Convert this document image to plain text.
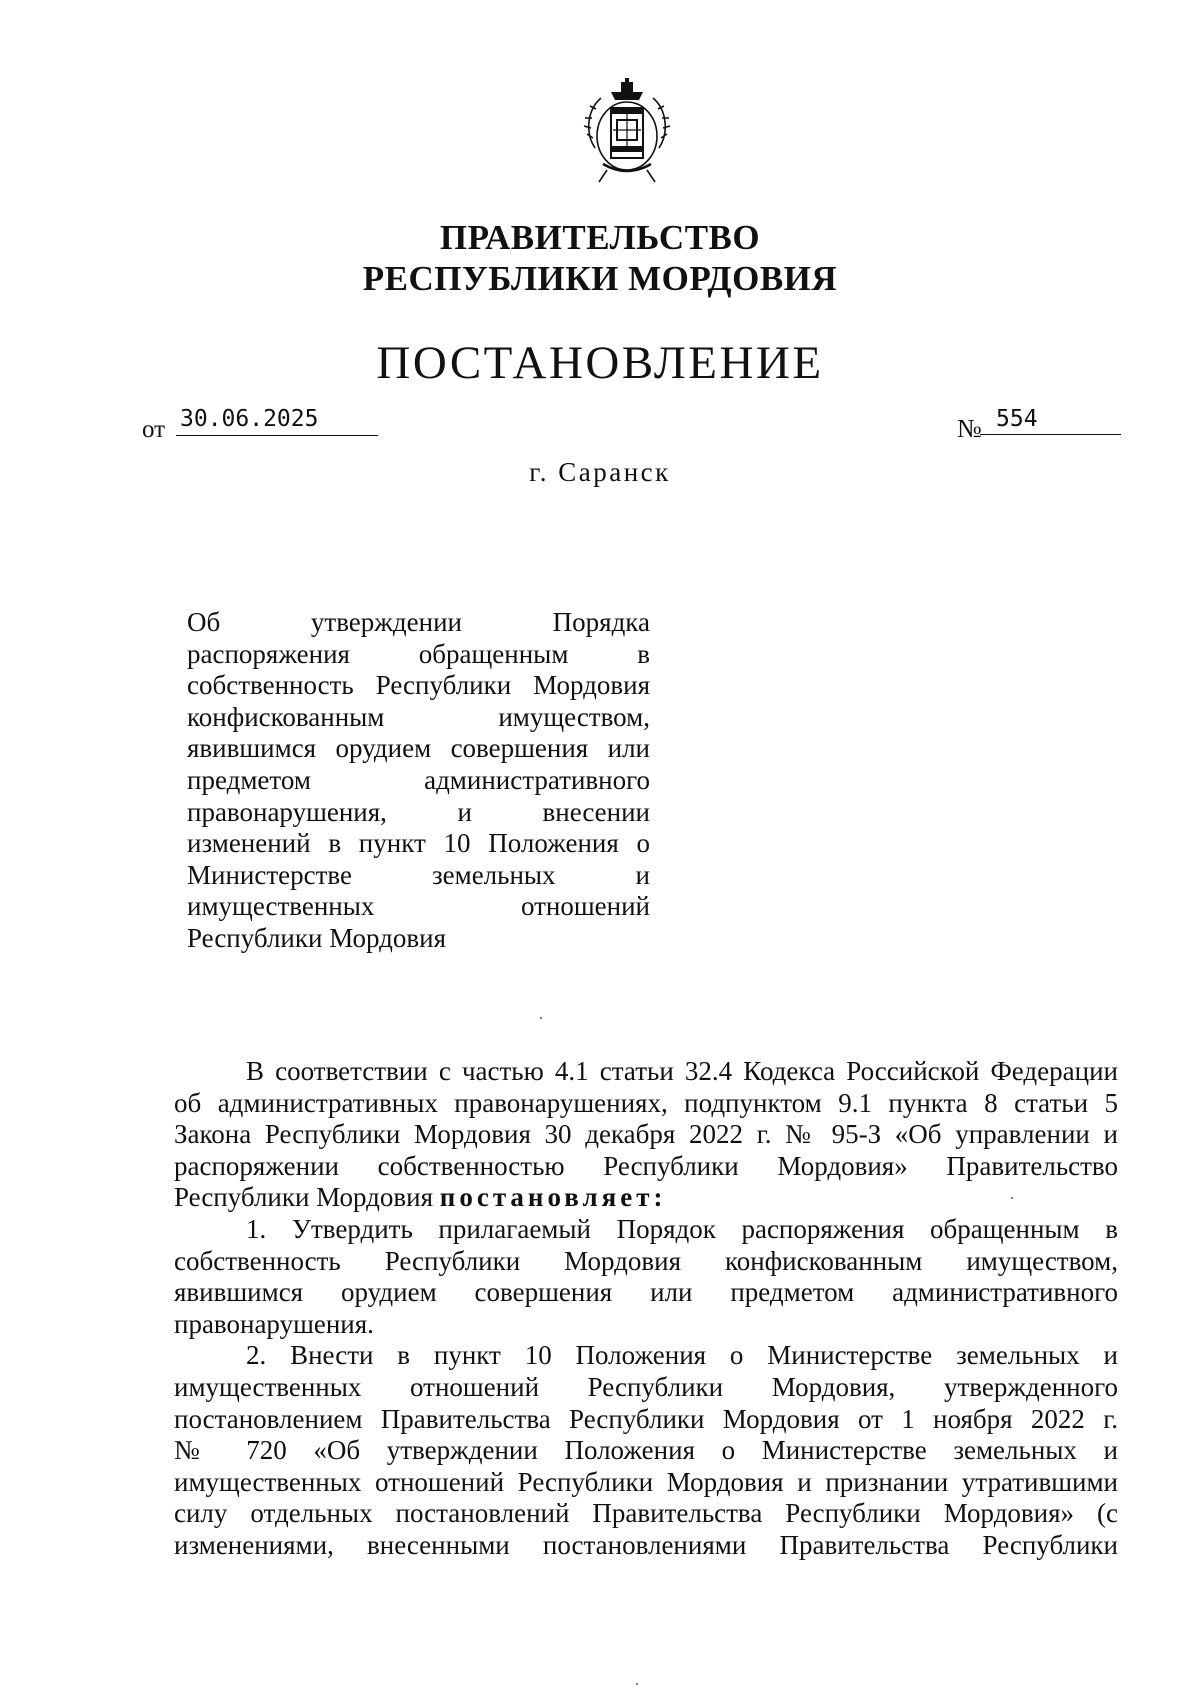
ПРАВИТЕЛЬСТВО
РЕСПУБЛИКИ МОРДОВИЯ
ПОСТАНОВЛЕНИЕ
от 30.06.2025	№ 554
г. Саранск
Об утверждении Порядка
распоряжения обращенным в
собственность Республики Мордовия
конфискованным имуществом,
явившимся орудием совершения или
предметом административного
правонарушения, и внесении
изменений в пункт 10 Положения о
Министерстве земельных и
имущественных отношений
Республики Мордовия
В соответствии с частью 4.1 статьи 32.4 Кодекса Российской Федерации
об административных правонарушениях, подпунктом 9.1 пункта 8 статьи 5
Закона Республики Мордовия 30 декабря 2022 г. № 95-З «Об управлении и
распоряжении собственностью Республики Мордовия» Правительство
Республики Мордовия постановляет:
1. Утвердить прилагаемый Порядок распоряжения обращенным в
собственность Республики Мордовия конфискованным имуществом,
явившимся орудием совершения или предметом административного
правонарушения.
2. Внести в пункт 10 Положения о Министерстве земельных и
имущественных отношений Республики Мордовия, утвержденного
постановлением Правительства Республики Мордовия от 1 ноября 2022 г.
№ 720 «Об утверждении Положения о Министерстве земельных и
имущественных отношений Республики Мордовия и признании утратившими
силу отдельных постановлений Правительства Республики Мордовия» (с
изменениями, внесенными постановлениями Правительства Республики
